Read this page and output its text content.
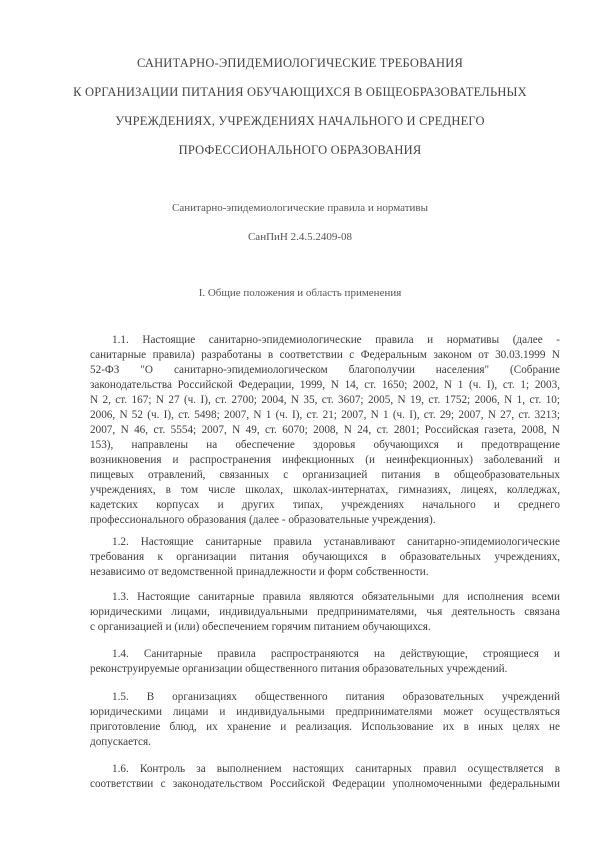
САНИТАРНО-ЭПИДЕМИОЛОГИЧЕСКИЕ ТРЕБОВАНИЯ
К ОРГАНИЗАЦИИ ПИТАНИЯ ОБУЧАЮЩИХСЯ В ОБЩЕОБРАЗОВАТЕЛЬНЫХ
УЧРЕЖДЕНИЯХ, УЧРЕЖДЕНИЯХ НАЧАЛЬНОГО И СРЕДНЕГО
ПРОФЕССИОНАЛЬНОГО ОБРАЗОВАНИЯ
Санитарно-эпидемиологические правила и нормативы
СанПиН 2.4.5.2409-08
I. Общие положения и область применения
1.1. Настоящие санитарно-эпидемиологические правила и нормативы (далее -
санитарные правила) разработаны в соответствии с Федеральным законом от 30.03.1999 N
52-ФЗ "О санитарно-эпидемиологическом благополучии населения" (Собрание
законодательства Российской Федерации, 1999, N 14, ст. 1650; 2002, N 1 (ч. I), ст. 1; 2003,
N 2, ст. 167; N 27 (ч. I), ст. 2700; 2004, N 35, ст. 3607; 2005, N 19, ст. 1752; 2006, N 1, ст. 10;
2006, N 52 (ч. I), ст. 5498; 2007, N 1 (ч. I), ст. 21; 2007, N 1 (ч. I), ст. 29; 2007, N 27, ст. 3213;
2007, N 46, ст. 5554; 2007, N 49, ст. 6070; 2008, N 24, ст. 2801; Российская газета, 2008, N
153), направлены на обеспечение здоровья обучающихся и предотвращение
возникновения и распространения инфекционных (и неинфекционных) заболеваний и
пищевых отравлений, связанных с организацией питания в общеобразовательных
учреждениях, в том числе школах, школах-интернатах, гимназиях, лицеях, колледжах,
кадетских корпусах и других типах, учреждениях начального и среднего
профессионального образования (далее - образовательные учреждения).
1.2. Настоящие санитарные правила устанавливают санитарно-эпидемиологические
требования к организации питания обучающихся в образовательных учреждениях,
независимо от ведомственной принадлежности и форм собственности.
1.3. Настоящие санитарные правила являются обязательными для исполнения всеми
юридическими лицами, индивидуальными предпринимателями, чья деятельность связана
с организацией и (или) обеспечением горячим питанием обучающихся.
1.4. Санитарные правила распространяются на действующие, строящиеся и
реконструируемые организации общественного питания образовательных учреждений.
1.5. В организациях общественного питания образовательных учреждений
юридическими лицами и индивидуальными предпринимателями может осуществляться
приготовление блюд, их хранение и реализация. Использование их в иных целях не
допускается.
1.6. Контроль за выполнением настоящих санитарных правил осуществляется в
соответствии с законодательством Российской Федерации уполномоченными федеральными
